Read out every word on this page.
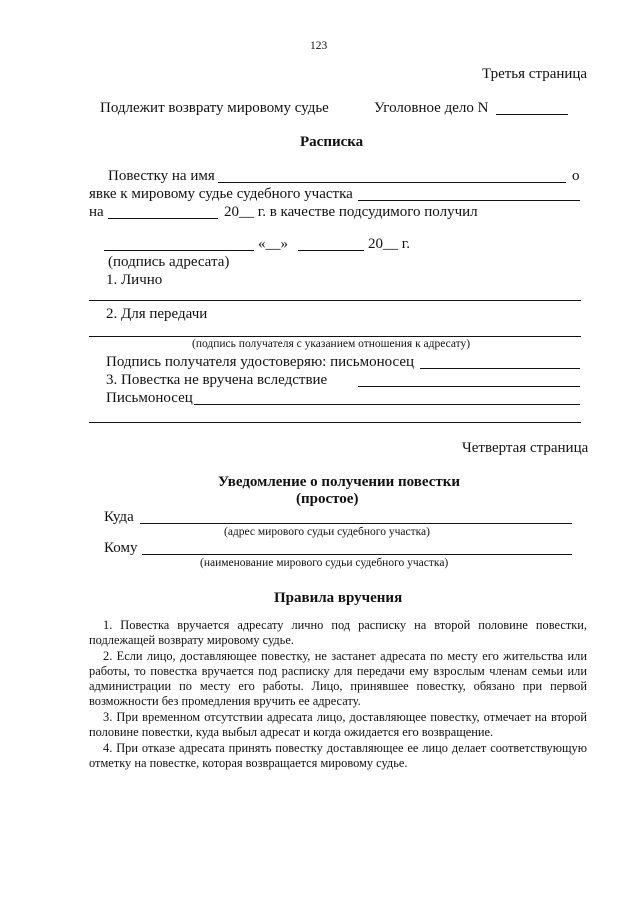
123
Третья страница
Подлежит возврату мировому судье	Уголовное дело N
Расписка
Повестку на имя	о
явке к мировому судье судебного участка
на	20__ г. в качестве подсудимого получил
«__»	20__ г.
(подпись адресата)
1. Лично
2. Для передачи
(подпись получателя с указанием отношения к адресату)
Подпись получателя удостоверяю: письмоносец
3. Повестка не вручена вследствие
Письмоносец
Четвертая страница
Уведомление о получении повестки
(простое)
Куда
(адрес мирового судьи судебного участка)
Кому
(наименование мирового судьи судебного участка)
Правила вручения

1. Повестка вручается адресату лично под расписку на второй половине повестки, подлежащей возврату мировому судье.

2. Если лицо, доставляющее повестку, не застанет адресата по месту его жительства или работы, то повестка вручается под расписку для передачи ему взрослым членам семьи или администрации по месту его работы. Лицо, принявшее повестку, обязано при первой возможности без промедления вручить ее адресату.

3. При временном отсутствии адресата лицо, доставляющее повестку, отмечает на второй половине повестки, куда выбыл адресат и когда ожидается его возвращение.

4. При отказе адресата принять повестку доставляющее ее лицо делает соответствующую отметку на повестке, которая возвращается мировому судье.
